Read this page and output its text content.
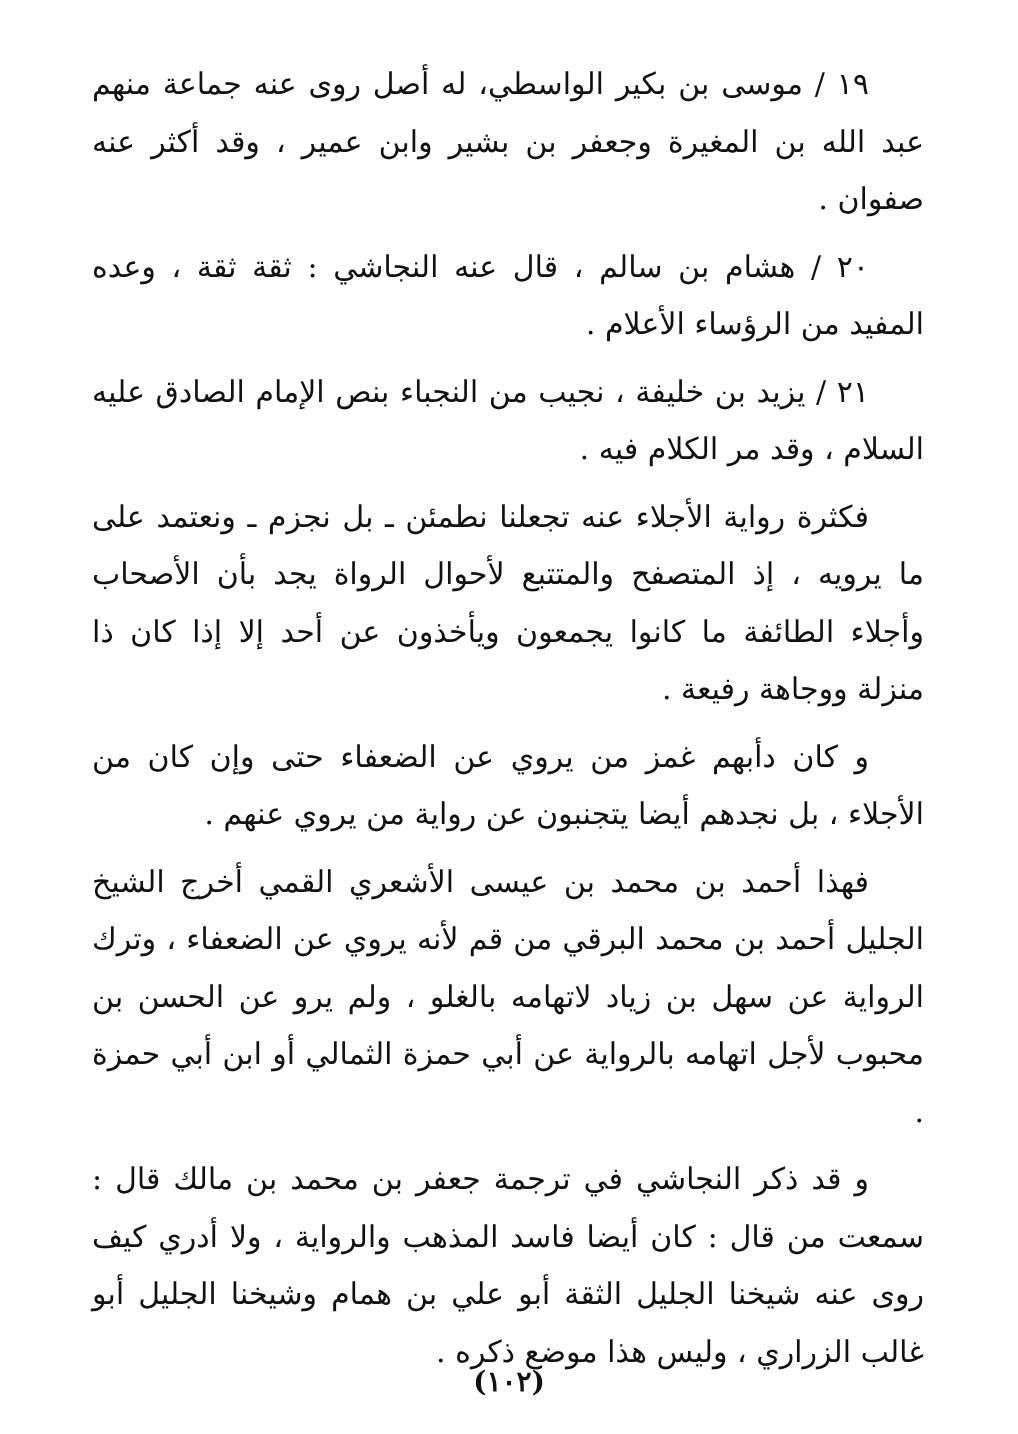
١٩ / موسى بن بكير الواسطي، له أصل روى عنه جماعة منهم عبد الله بن المغيرة وجعفر بن بشير وابن عمير ، وقد أكثر عنه صفوان .

٢٠ / هشام بن سالم ، قال عنه النجاشي : ثقة ثقة ، وعده المفيد من الرؤساء الأعلام .

٢١ / يزيد بن خليفة ، نجيب من النجباء بنص الإمام الصادق عليه السلام ، وقد مر الكلام فيه .

فكثرة رواية الأجلاء عنه تجعلنا نطمئن ـ بل نجزم ـ ونعتمد على ما يرويه ، إذ المتصفح والمتتبع لأحوال الرواة يجد بأن الأصحاب وأجلاء الطائفة ما كانوا يجمعون ويأخذون عن أحد إلا إذا كان ذا منزلة ووجاهة رفيعة .

و كان دأبهم غمز من يروي عن الضعفاء حتى وإن كان من الأجلاء ، بل نجدهم أيضا يتجنبون عن رواية من يروي عنهم .

فهذا أحمد بن محمد بن عيسى الأشعري القمي أخرج الشيخ الجليل أحمد بن محمد البرقي من قم لأنه يروي عن الضعفاء ، وترك الرواية عن سهل بن زياد لاتهامه بالغلو ، ولم يرو عن الحسن بن محبوب لأجل اتهامه بالرواية عن أبي حمزة الثمالي أو ابن أبي حمزة .

و قد ذكر النجاشي في ترجمة جعفر بن محمد بن مالك قال : سمعت من قال : كان أيضا فاسد المذهب والرواية ، ولا أدري كيف روى عنه شيخنا الجليل الثقة أبو علي بن همام وشيخنا الجليل أبو غالب الزراري ، وليس هذا موضع ذكره .

(١٠٢)
